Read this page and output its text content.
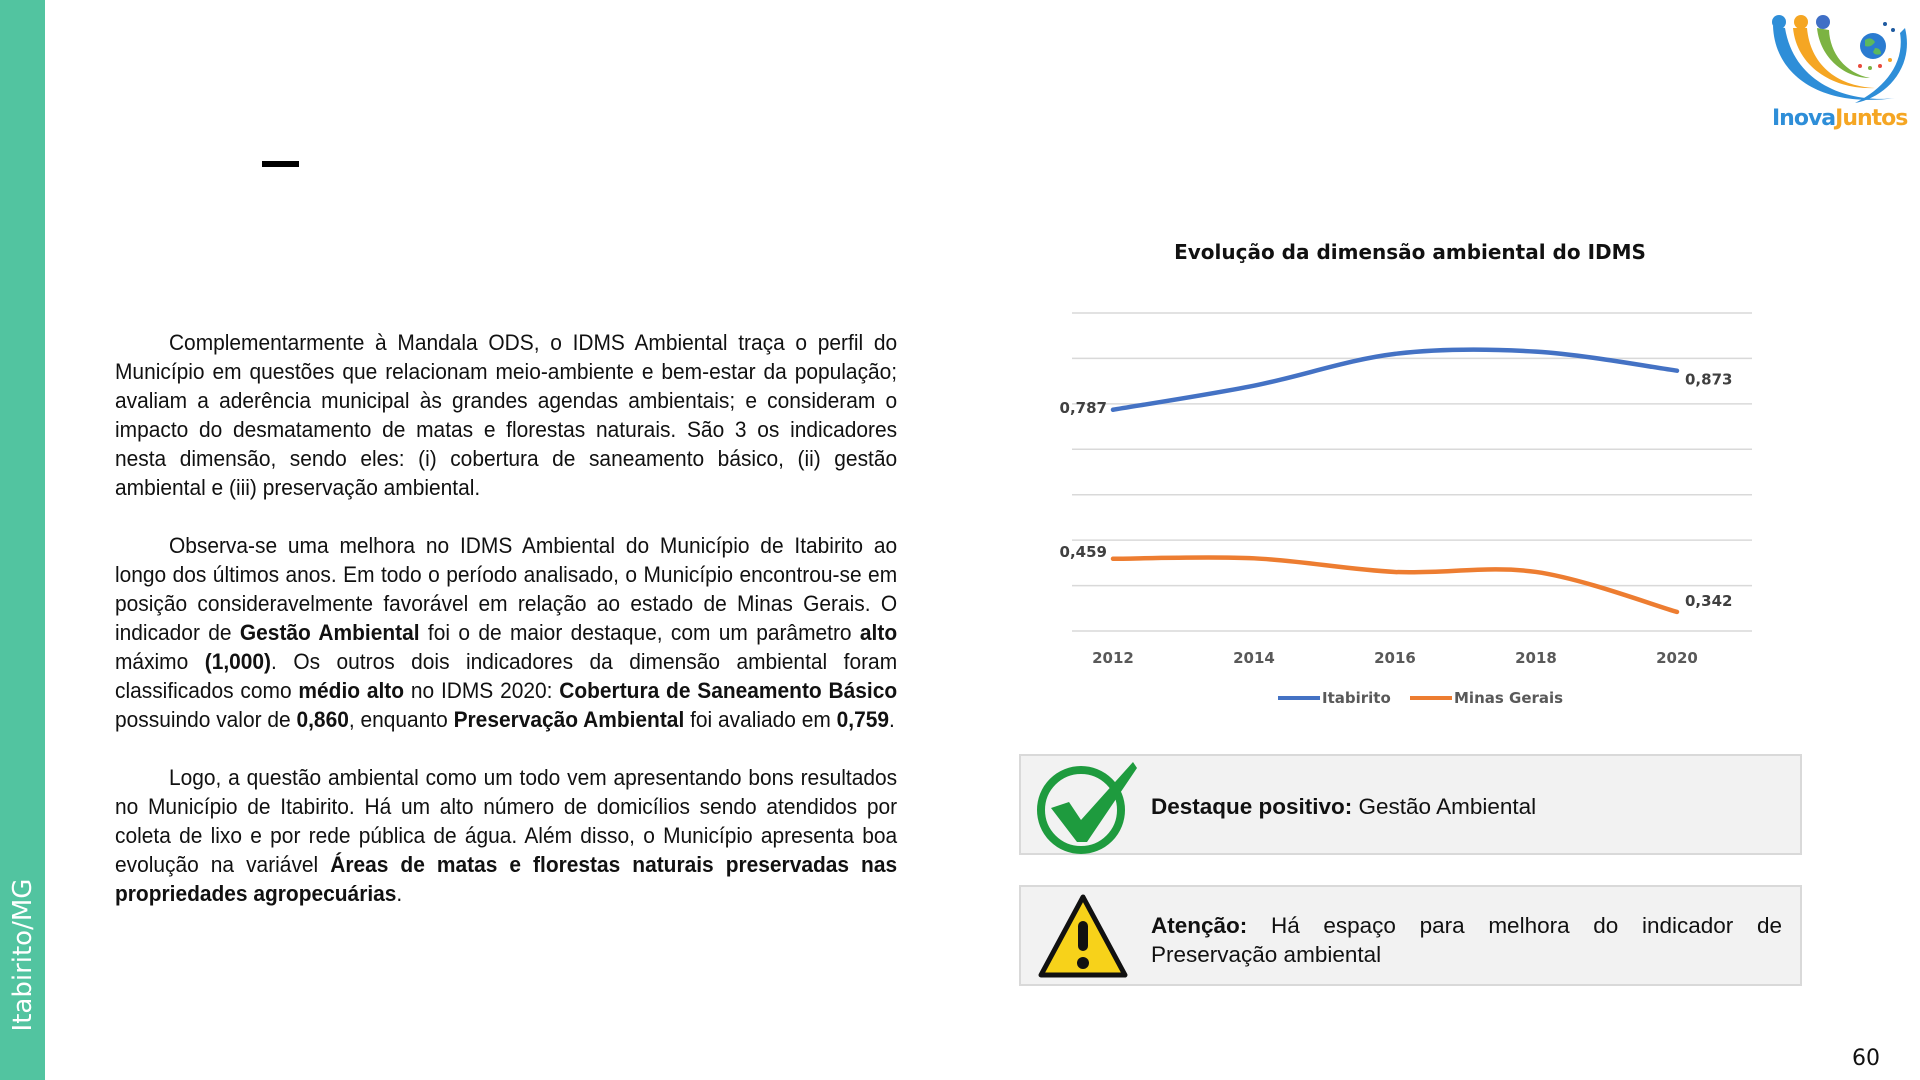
Itabirito/MG
InovaJuntos

Complementarmente à Mandala ODS, o IDMS Ambiental traça o perfil do Município em questões que relacionam meio-ambiente e bem-estar da população; avaliam a aderência municipal às grandes agendas ambientais; e consideram o impacto do desmatamento de matas e florestas naturais. São 3 os indicadores nesta dimensão, sendo eles: (i) cobertura de saneamento básico, (ii) gestão ambiental e (iii) preservação ambiental.

Observa-se uma melhora no IDMS Ambiental do Município de Itabirito ao longo dos últimos anos. Em todo o período analisado, o Município encontrou-se em posição consideravelmente favorável em relação ao estado de Minas Gerais. O indicador de Gestão Ambiental foi o de maior destaque, com um parâmetro alto máximo (1,000). Os outros dois indicadores da dimensão ambiental foram classificados como médio alto no IDMS 2020: Cobertura de Saneamento Básico possuindo valor de 0,860, enquanto Preservação Ambiental foi avaliado em 0,759.

Logo, a questão ambiental como um todo vem apresentando bons resultados no Município de Itabirito. Há um alto número de domicílios sendo atendidos por coleta de lixo e por rede pública de água. Além disso, o Município apresenta boa evolução na variável Áreas de matas e florestas naturais preservadas nas propriedades agropecuárias.

Evolução da dimensão ambiental do IDMS
2012	2014	2016	2018	2020
0,787
0,873
0,459
0,342
Itabirito	Minas Gerais
Destaque positivo: Gestão Ambiental
Atenção: Há espaço para melhora do indicador de Preservação ambiental
60
